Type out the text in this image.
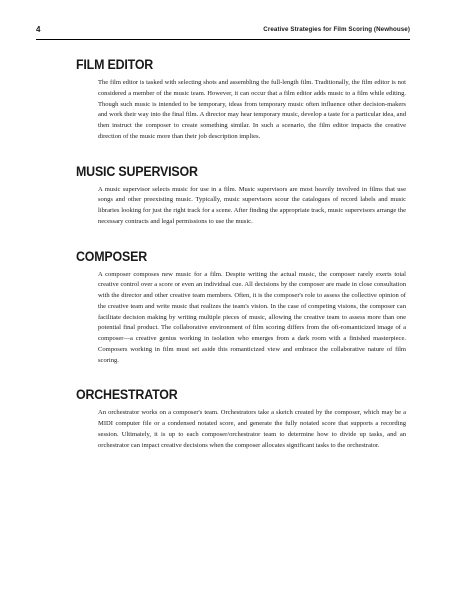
4	Creative Strategies for Film Scoring (Newhouse)
FILM EDITOR

The film editor is tasked with selecting shots and assembling the full-length film. Traditionally, the film editor is not considered a member of the music team. However, it can occur that a film editor adds music to a film while editing. Though such music is intended to be temporary, ideas from temporary music often influence other decision-makers and work their way into the final film. A director may hear temporary music, develop a taste for a particular idea, and then instruct the composer to create something similar. In such a scenario, the film editor impacts the creative direction of the music more than their job description implies.

MUSIC SUPERVISOR

A music supervisor selects music for use in a film. Music supervisors are most heavily involved in films that use songs and other preexisting music. Typically, music supervisors scour the catalogues of record labels and music libraries looking for just the right track for a scene. After finding the appropriate track, music supervisors arrange the necessary contracts and legal permissions to use the music.

COMPOSER

A composer composes new music for a film. Despite writing the actual music, the composer rarely exerts total creative control over a score or even an individual cue. All decisions by the composer are made in close consultation with the director and other creative team members. Often, it is the composer's role to assess the collective opinion of the creative team and write music that realizes the team's vision. In the case of competing visions, the composer can facilitate decision making by writing multiple pieces of music, allowing the creative team to assess more than one potential final product. The collaborative environment of film scoring differs from the oft-romanticized image of a composer—a creative genius working in isolation who emerges from a dark room with a finished masterpiece. Composers working in film must set aside this romanticized view and embrace the collaborative nature of film scoring.

ORCHESTRATOR

An orchestrator works on a composer's team. Orchestrators take a sketch created by the composer, which may be a MIDI computer file or a condensed notated score, and generate the fully notated score that supports a recording session. Ultimately, it is up to each composer/orchestrator team to determine how to divide up tasks, and an orchestrator can impact creative decisions when the composer allocates significant tasks to the orchestrator.
